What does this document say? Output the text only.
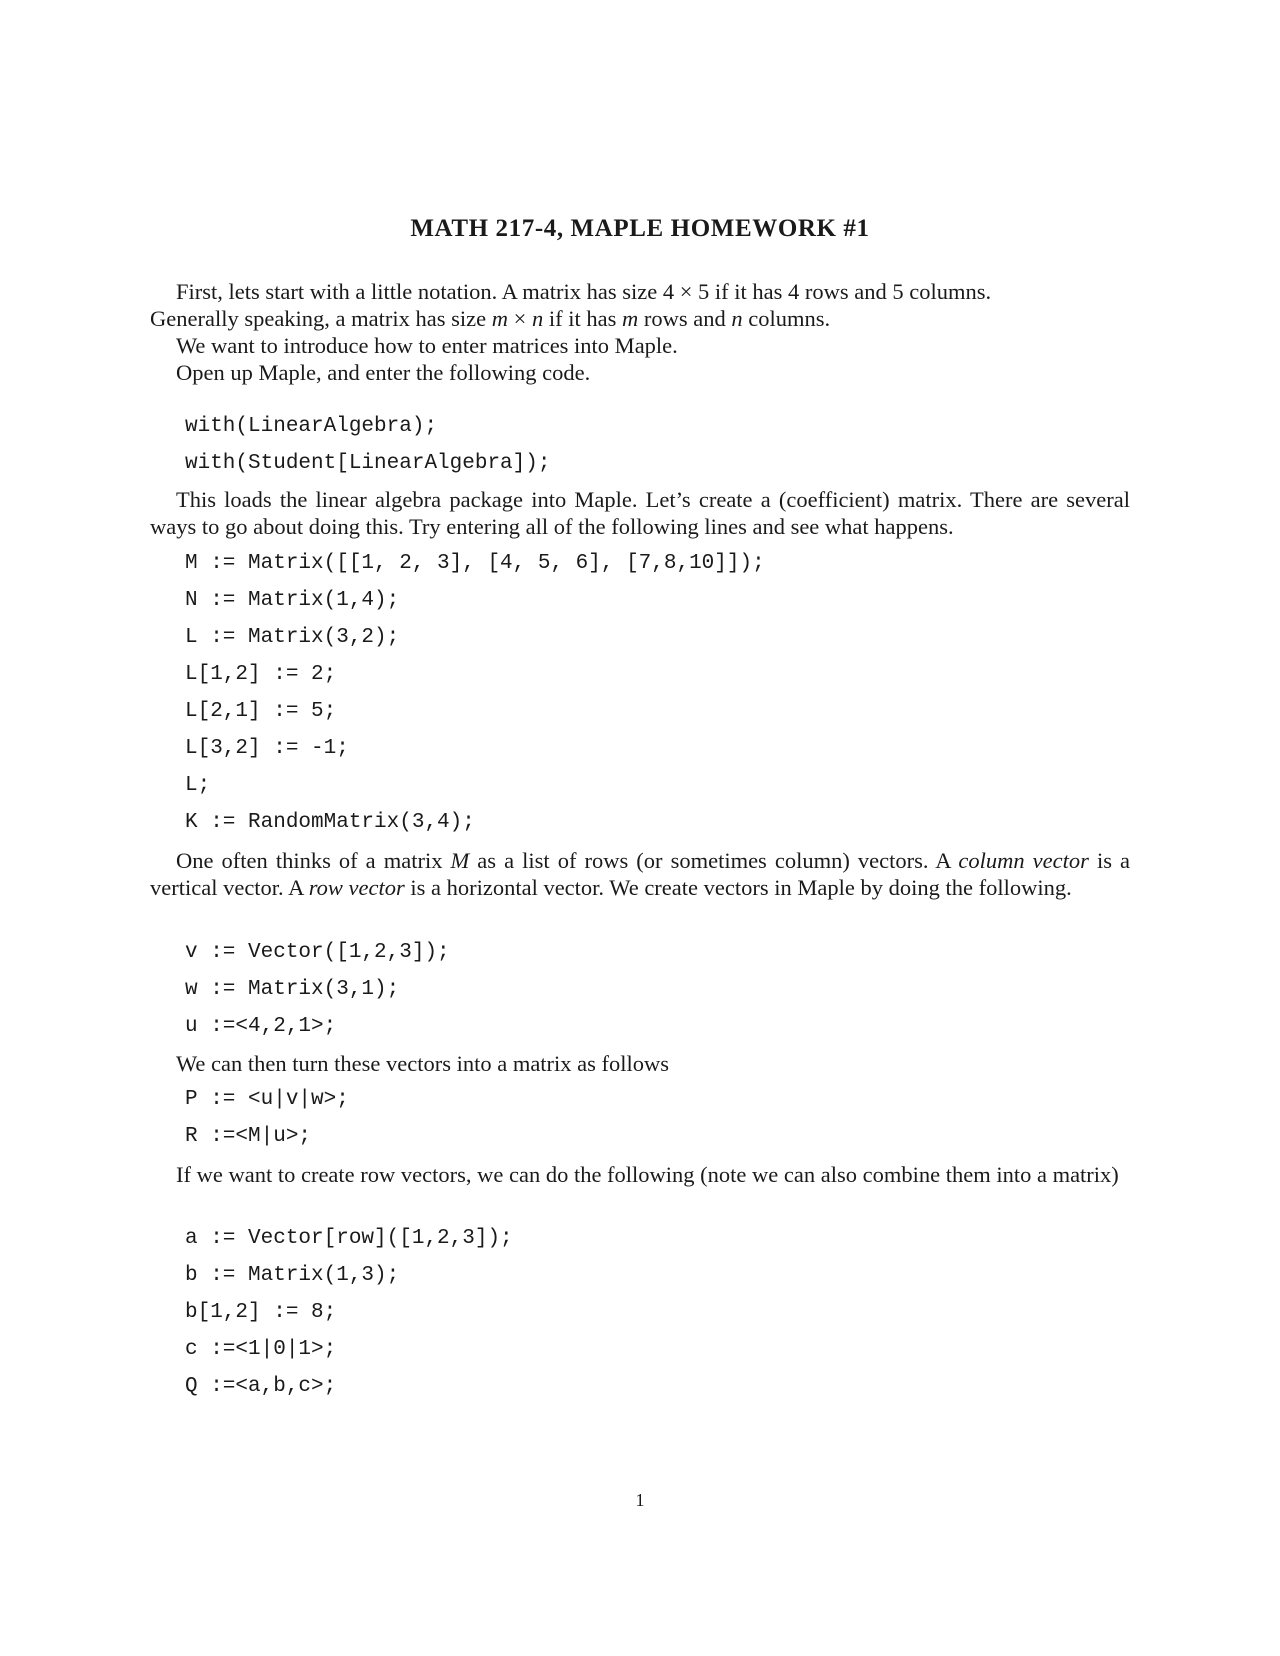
MATH 217-4, MAPLE HOMEWORK #1

First, lets start with a little notation. A matrix has size 4 × 5 if it has 4 rows and 5 columns.

Generally speaking, a matrix has size m × n if it has m rows and n columns.

We want to introduce how to enter matrices into Maple.

Open up Maple, and enter the following code.

with(LinearAlgebra);

with(Student[LinearAlgebra]);

This loads the linear algebra package into Maple. Let’s create a (coefficient) matrix. There are several ways to go about doing this. Try entering all of the following lines and see what happens.

M := Matrix([[1, 2, 3], [4, 5, 6], [7,8,10]]);

N := Matrix(1,4);

L := Matrix(3,2);

L[1,2] := 2;

L[2,1] := 5;

L[3,2] := -1;

L;

K := RandomMatrix(3,4);

One often thinks of a matrix M as a list of rows (or sometimes column) vectors. A column vector is a vertical vector. A row vector is a horizontal vector. We create vectors in Maple by doing the following.

v := Vector([1,2,3]);

w := Matrix(3,1);

u :=<4,2,1>;

We can then turn these vectors into a matrix as follows

P := <u|v|w>;

R :=<M|u>;

If we want to create row vectors, we can do the following (note we can also combine them into a matrix)

a := Vector[row]([1,2,3]);

b := Matrix(1,3);

b[1,2] := 8;

c :=<1|0|1>;

Q :=<a,b,c>;

1
